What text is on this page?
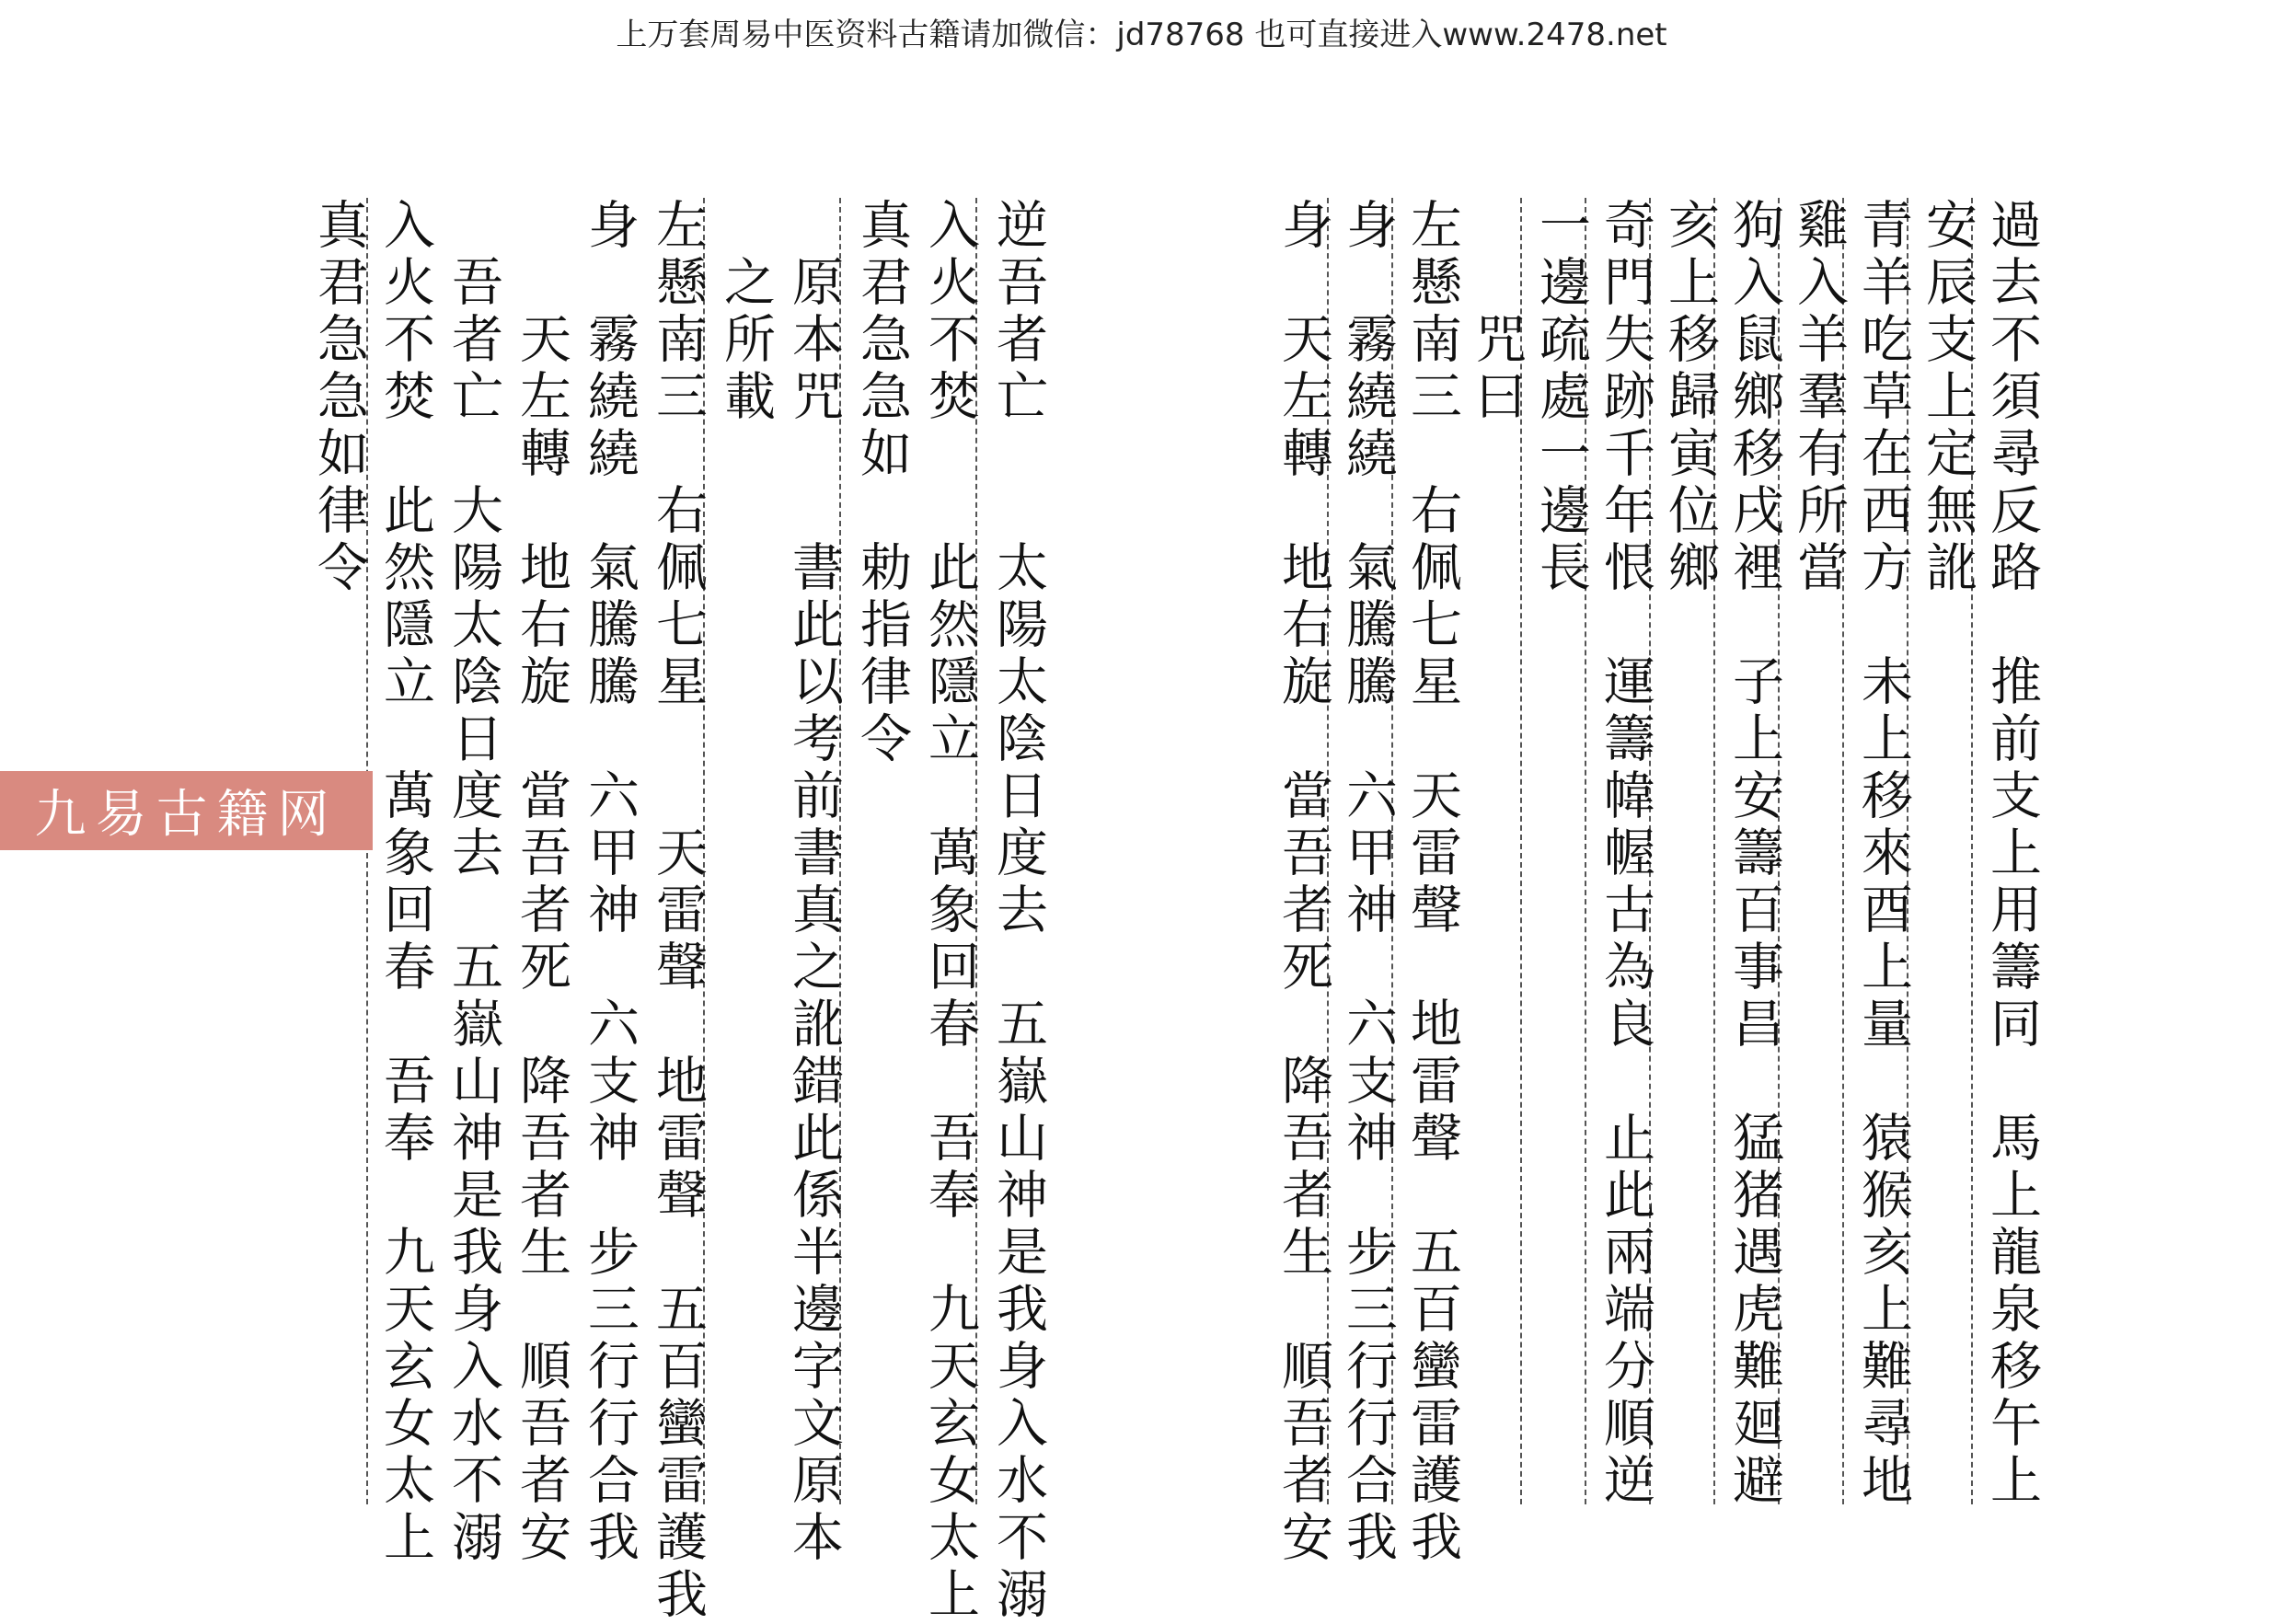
上万套周易中医资料古籍请加微信：jd78768 也可直接进入www.2478.net
逆吾者亡　　太陽太陰日度去　五嶽山神是我身入水不溺
入火不焚　　此然隱立　萬象回春　吾奉　九天玄女太上
真君急急如　勅指律令
　原本咒　　書此以考前書真之訛錯此係半邊字文原本
　之所載
左懸南三　右佩七星　　天雷聲　地雷聲　五百蠻雷護我
身　霧繞繞　氣騰騰　六甲神　六支神　步三行行合我
　　天左轉　地右旋　當吾者死　降吾者生　順吾者安
　吾者亡　大陽太陰日度去　五嶽山神是我身入水不溺
入火不焚　此然隱立　萬象回春　吾奉　九天玄女太上
真君急急如律令	過去不須尋反路　推前支上用籌同　馬上龍泉移午上
安辰支上定無訛
青羊吃草在西方　未上移來酉上量　猿猴亥上難尋地
雞入羊羣有所當
狗入鼠鄉移戌裡　子上安籌百事昌　猛猪遇虎難廻避
亥上移歸寅位鄉
奇門失跡千年恨　運籌幃幄古為良　止此兩端分順逆
一邊疏處一邊長
　　咒曰
左懸南三　右佩七星　天雷聲　地雷聲　五百蠻雷護我
身　霧繞繞　氣騰騰　六甲神　六支神　步三行行合我
身　天左轉　地右旋　當吾者死　降吾者生　順吾者安
九易古籍网
